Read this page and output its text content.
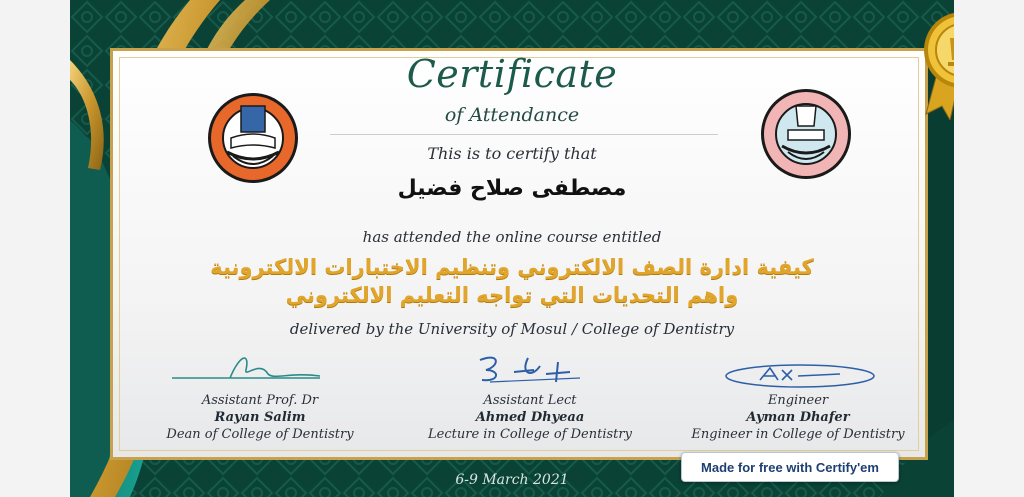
Certificate
of Attendance
This is to certify that
مصطفى صلاح فضيل
has attended the online course entitled
كيفية ادارة الصف الالكتروني وتنظيم الاختبارات الالكترونية
واهم التحديات التي تواجه التعليم الالكتروني
delivered by the University of Mosul / College of Dentistry
Assistant Prof. Dr
Rayan Salim
Dean of College of Dentistry
Assistant Lect
Ahmed Dhyeaa
Lecture in College of Dentistry
Engineer
Ayman Dhafer
Engineer in College of Dentistry
6-9 March 2021
Made for free with Certify'em
